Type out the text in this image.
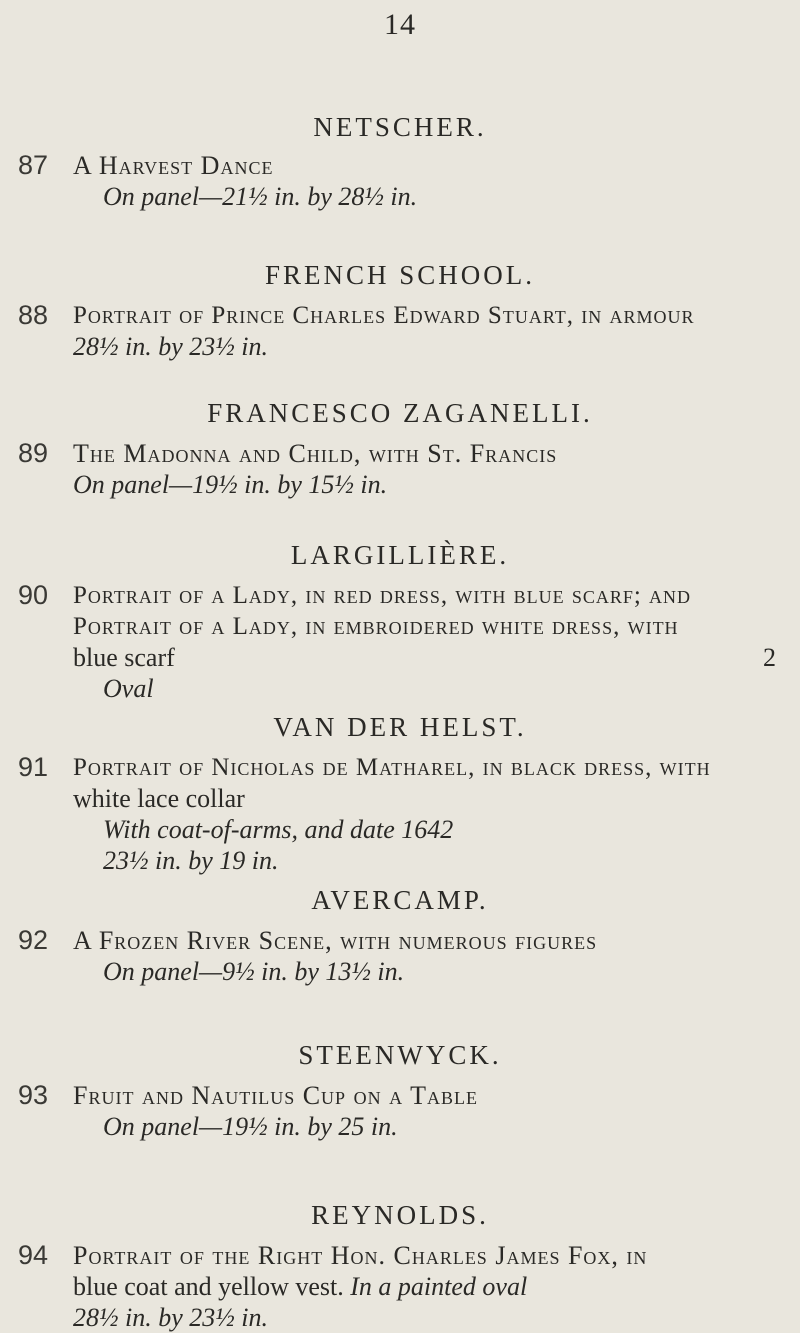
14
NETSCHER.
87 A Harvest Dance
On panel—21½ in. by 28½ in.
FRENCH SCHOOL.
88 Portrait of Prince Charles Edward Stuart, in armour
28½ in. by 23½ in.
FRANCESCO ZAGANELLI.
89 The Madonna and Child, with St. Francis
On panel—19½ in. by 15½ in.
LARGILLIÈRE.
90 Portrait of a Lady, in red dress, with blue scarf; and
Portrait of a Lady, in embroidered white dress, with
blue scarf	2
Oval
VAN DER HELST.
91 Portrait of Nicholas de Matharel, in black dress, with
white lace collar
With coat-of-arms, and date 1642
23½ in. by 19 in.
AVERCAMP.
92 A Frozen River Scene, with numerous figures
On panel—9½ in. by 13½ in.
STEENWYCK.
93 Fruit and Nautilus Cup on a Table
On panel—19½ in. by 25 in.
REYNOLDS.
94 Portrait of the Right Hon. Charles James Fox, in
blue coat and yellow vest. In a painted oval
28½ in. by 23½ in.
